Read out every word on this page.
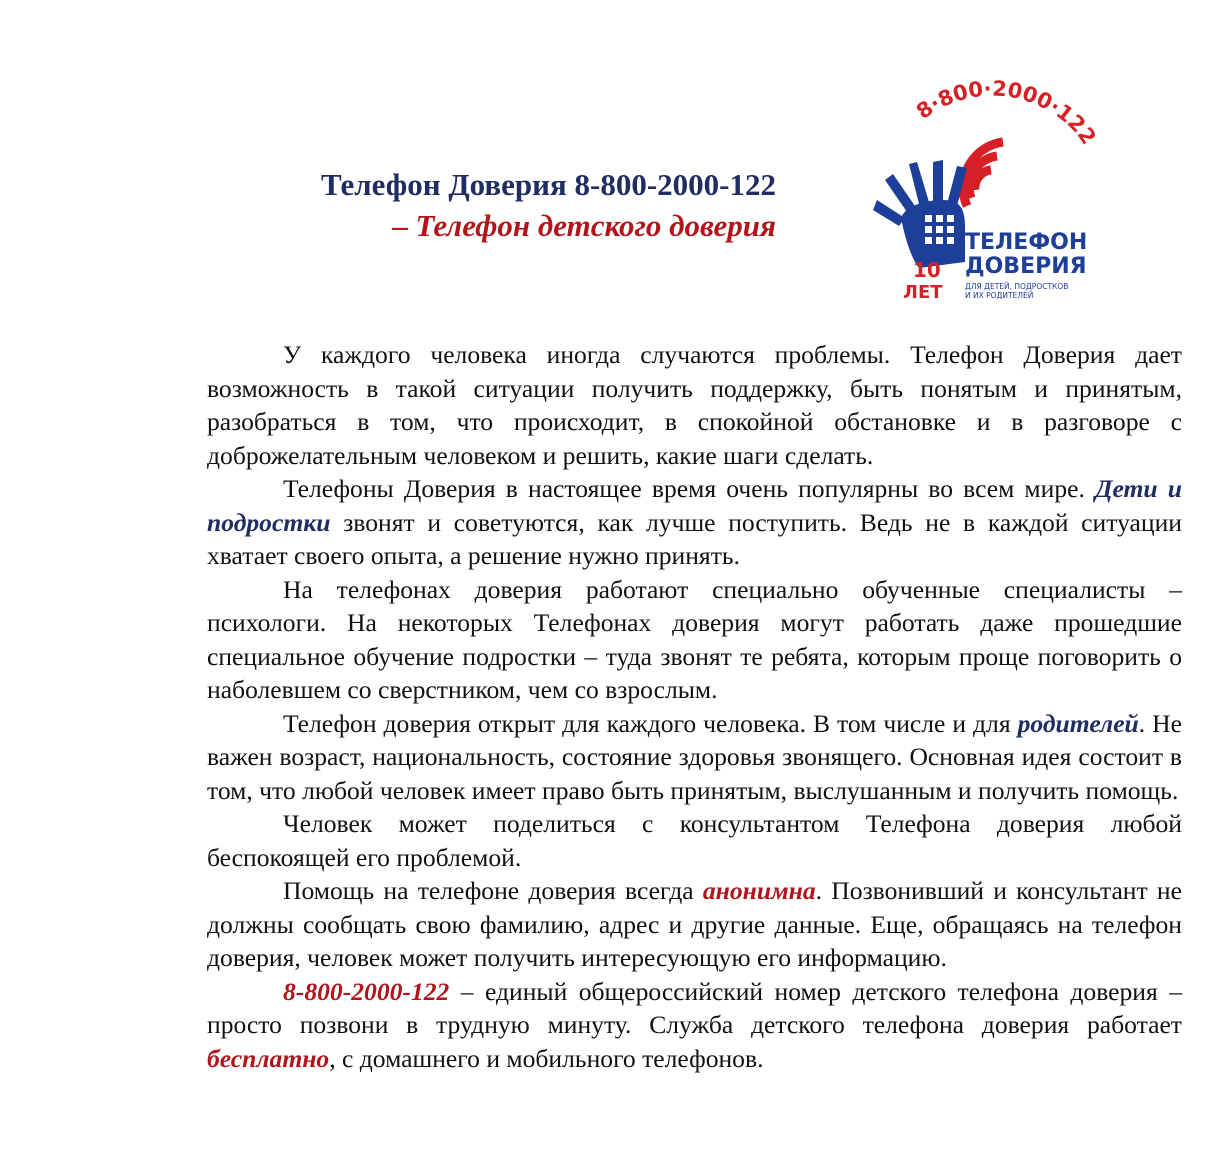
Телефон Доверия 8-800-2000-122
– Телефон детского доверия
8·800·2000·122
ТЕЛЕФОН
ДОВЕРИЯ
ДЛЯ ДЕТЕЙ, ПОДРОСТКОВ
И ИХ РОДИТЕЛЕЙ
10
ЛЕТ

У каждого человека иногда случаются проблемы. Телефон Доверия дает возможность в такой ситуации получить поддержку, быть понятым и принятым, разобраться в том, что происходит, в спокойной обстановке и в разговоре с доброжелательным человеком и решить, какие шаги сделать.

Телефоны Доверия в настоящее время очень популярны во всем мире. Дети и подростки звонят и советуются, как лучше поступить. Ведь не в каждой ситуации хватает своего опыта, а решение нужно принять.

На телефонах доверия работают специально обученные специалисты – психологи. На некоторых Телефонах доверия могут работать даже прошедшие специальное обучение подростки – туда звонят те ребята, которым проще поговорить о наболевшем со сверстником, чем со взрослым.

Телефон доверия открыт для каждого человека. В том числе и для родителей. Не важен возраст, национальность, состояние здоровья звонящего. Основная идея состоит в том, что любой человек имеет право быть принятым, выслушанным и получить помощь.

Человек может поделиться с консультантом Телефона доверия любой беспокоящей его проблемой.

Помощь на телефоне доверия всегда анонимна. Позвонивший и консультант не должны сообщать свою фамилию, адрес и другие данные. Еще, обращаясь на телефон доверия, человек может получить интересующую его информацию.

8-800-2000-122 – единый общероссийский номер детского телефона доверия – просто позвони в трудную минуту. Служба детского телефона доверия работает бесплатно, с домашнего и мобильного телефонов.
